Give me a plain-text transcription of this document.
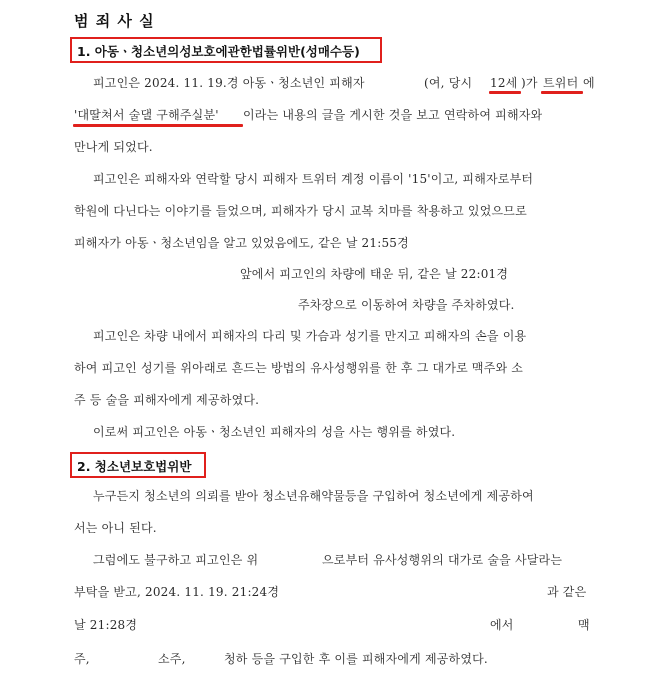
범 죄 사 실
1. 아동ㆍ청소년의성보호에관한법률위반(성매수등)
피고인은 2024. 11. 19.경 아동ㆍ청소년인 피해자	(여, 당시 12세 )가 트위터 에
'대딸쳐서 술댈 구해주실분' 이라는 내용의 글을 게시한 것을 보고 연락하여 피해자와
만나게 되었다.
피고인은 피해자와 연락할 당시 피해자 트위터 계정 이름이 '15'이고, 피해자로부터
학원에 다닌다는 이야기를 들었으며, 피해자가 당시 교복 치마를 착용하고 있었으므로
피해자가 아동ㆍ청소년임을 알고 있었음에도, 같은 날 21:55경
앞에서 피고인의 차량에 태운 뒤, 같은 날 22:01경
주차장으로 이동하여 차량을 주차하였다.
피고인은 차량 내에서 피해자의 다리 및 가슴과 성기를 만지고 피해자의 손을 이용
하여 피고인 성기를 위아래로 흔드는 방법의 유사성행위를 한 후 그 대가로 맥주와 소
주 등 술을 피해자에게 제공하였다.
이로써 피고인은 아동ㆍ청소년인 피해자의 성을 사는 행위를 하였다.
2. 청소년보호법위반
누구든지 청소년의 의뢰를 받아 청소년유해약물등을 구입하여 청소년에게 제공하여
서는 아니 된다.
그럼에도 불구하고 피고인은 위	으로부터 유사성행위의 대가로 술을 사달라는
부탁을 받고, 2024. 11. 19. 21:24경	과 같은
날 21:28경	에서	맥
주,	소주,	청하 등을 구입한 후 이를 피해자에게 제공하였다.
